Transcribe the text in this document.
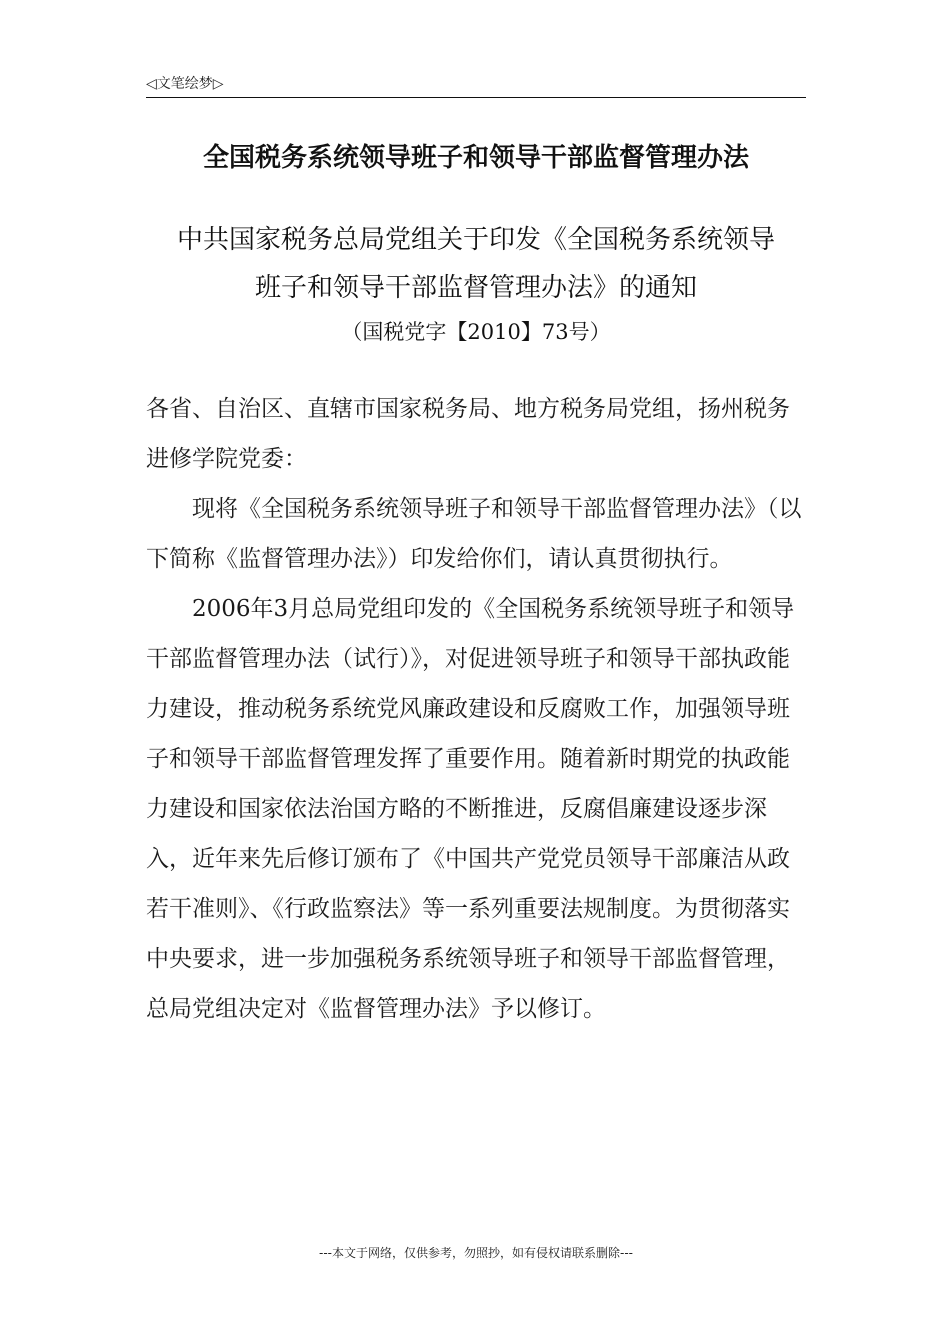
◁文笔绘梦▷
全国税务系统领导班子和领导干部监督管理办法
中共国家税务总局党组关于印发《全国税务系统领导
班子和领导干部监督管理办法》的通知
（国税党字【2010】73号）

各省、自治区、直辖市国家税务局、地方税务局党组，扬州税务进修学院党委：

现将《全国税务系统领导班子和领导干部监督管理办法》（以下简称《监督管理办法》）印发给你们，请认真贯彻执行。

2006年3月总局党组印发的《全国税务系统领导班子和领导干部监督管理办法（试行）》，对促进领导班子和领导干部执政能力建设，推动税务系统党风廉政建设和反腐败工作，加强领导班子和领导干部监督管理发挥了重要作用。随着新时期党的执政能力建设和国家依法治国方略的不断推进，反腐倡廉建设逐步深入，近年来先后修订颁布了《中国共产党党员领导干部廉洁从政若干准则》、《行政监察法》等一系列重要法规制度。为贯彻落实中央要求，进一步加强税务系统领导班子和领导干部监督管理，总局党组决定对《监督管理办法》予以修订。

---本文于网络，仅供参考，勿照抄，如有侵权请联系删除---
